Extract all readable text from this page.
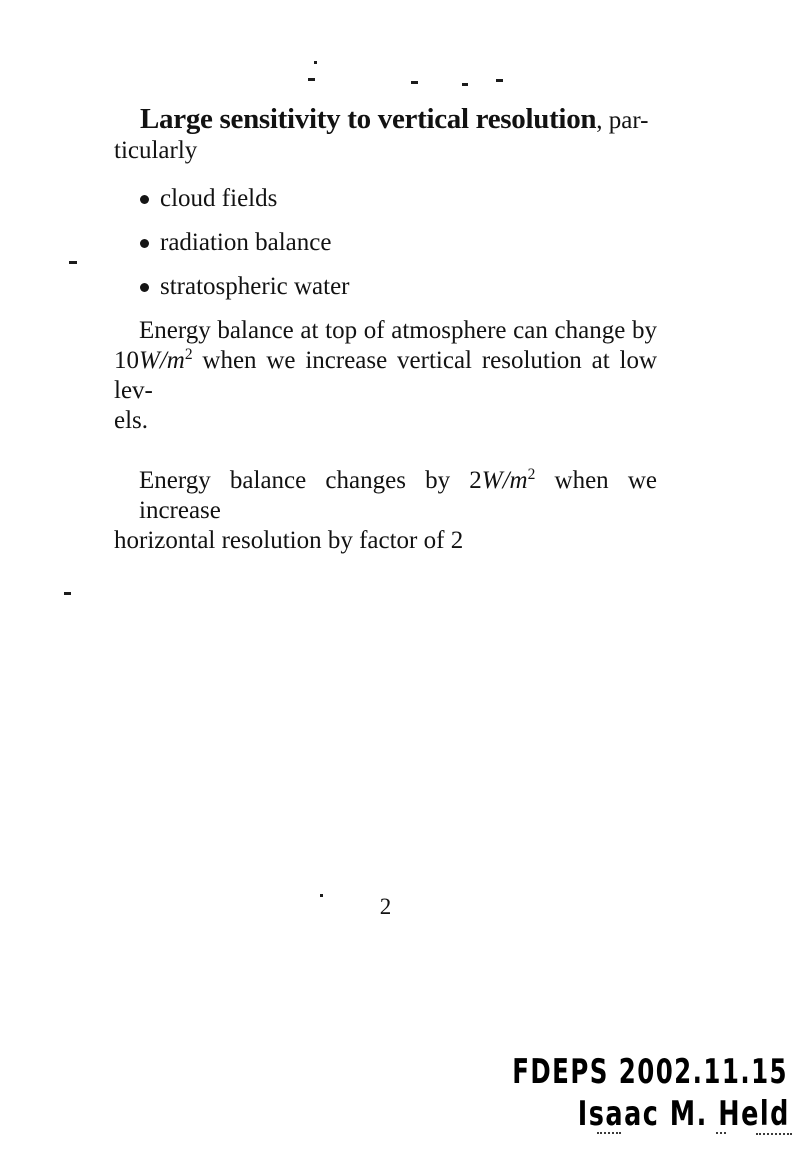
Large sensitivity to vertical resolution, par-
ticularly
cloud fields
radiation balance
stratospheric water
Energy balance at top of atmosphere can change by
$10W/m^2$ when we increase vertical resolution at low lev-
els.
Energy balance changes by $2W/m^2$ when we increase
horizontal resolution by factor of 2
2
FDEPS 2002.11.15
Isaac M. Held
